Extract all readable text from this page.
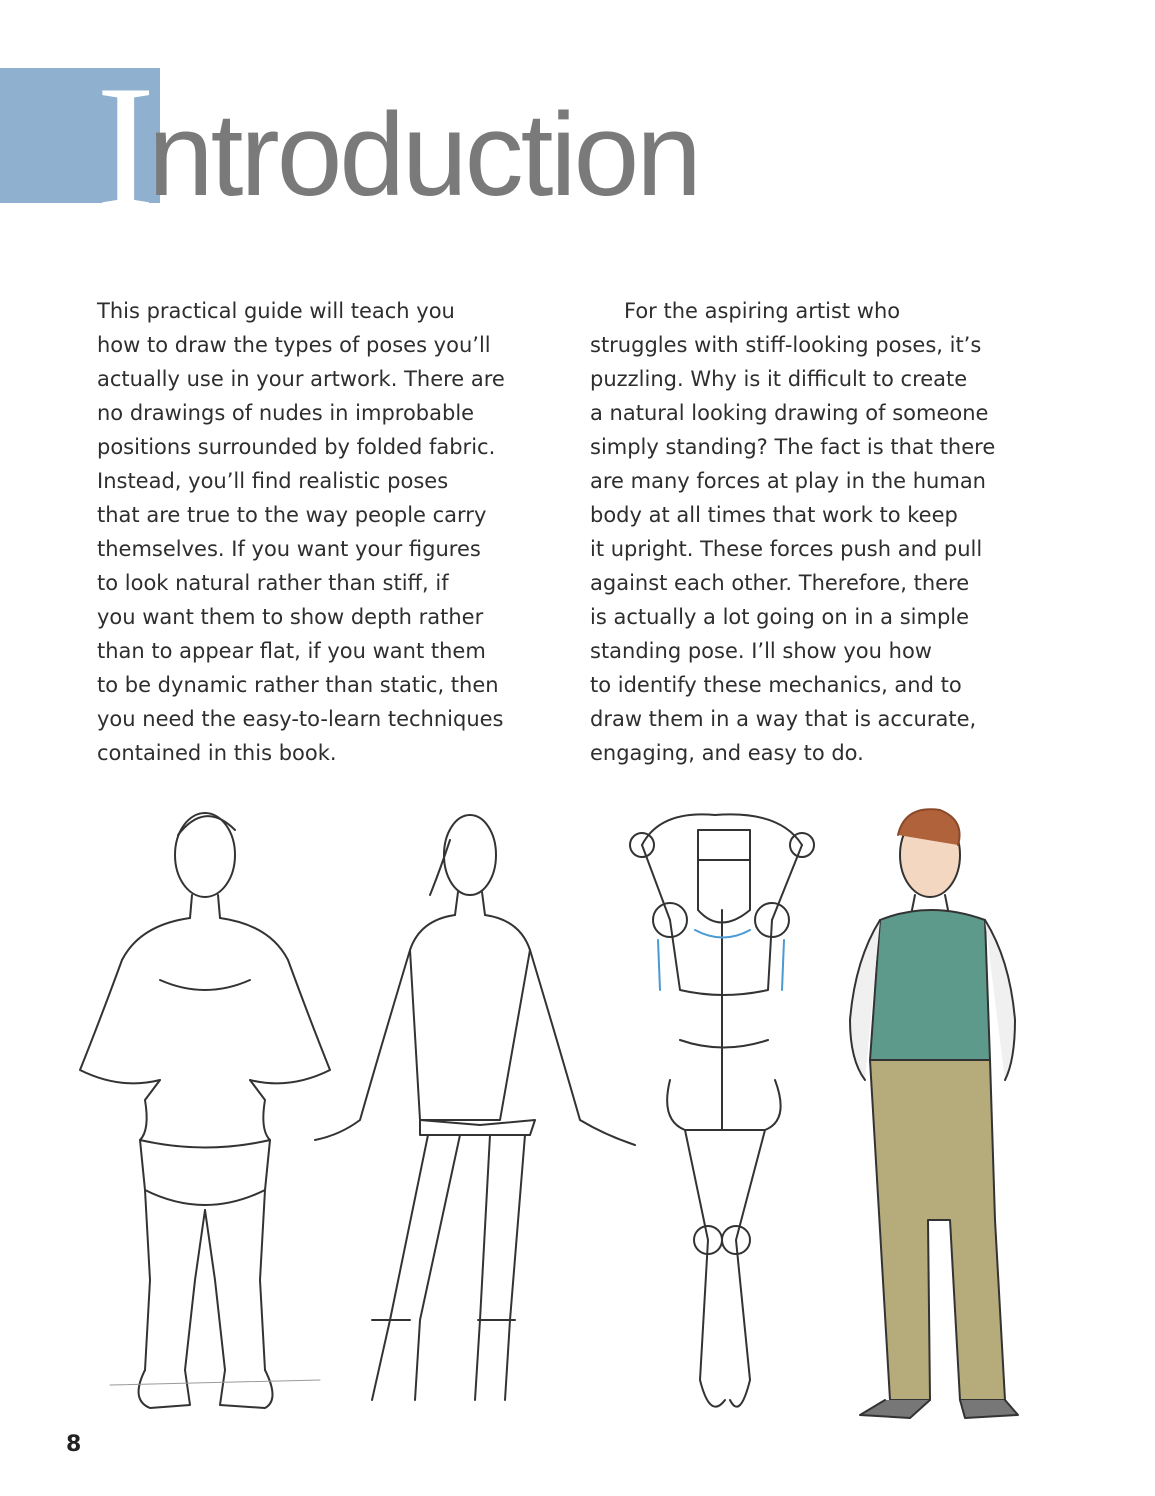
I
ntroduction

This practical guide will teach you

how to draw the types of poses you’ll

actually use in your artwork. There are

no drawings of nudes in improbable

positions surrounded by folded fabric.

Instead, you’ll find realistic poses

that are true to the way people carry

themselves. If you want your figures

to look natural rather than stiff, if

you want them to show depth rather

than to appear flat, if you want them

to be dynamic rather than static, then

you need the easy-to-learn techniques

contained in this book.

For the aspiring artist who

struggles with stiff-looking poses, it’s

puzzling. Why is it difficult to create

a natural looking drawing of someone

simply standing? The fact is that there

are many forces at play in the human

body at all times that work to keep

it upright. These forces push and pull

against each other. Therefore, there

is actually a lot going on in a simple

standing pose. I’ll show you how

to identify these mechanics, and to

draw them in a way that is accurate,

engaging, and easy to do.

8
